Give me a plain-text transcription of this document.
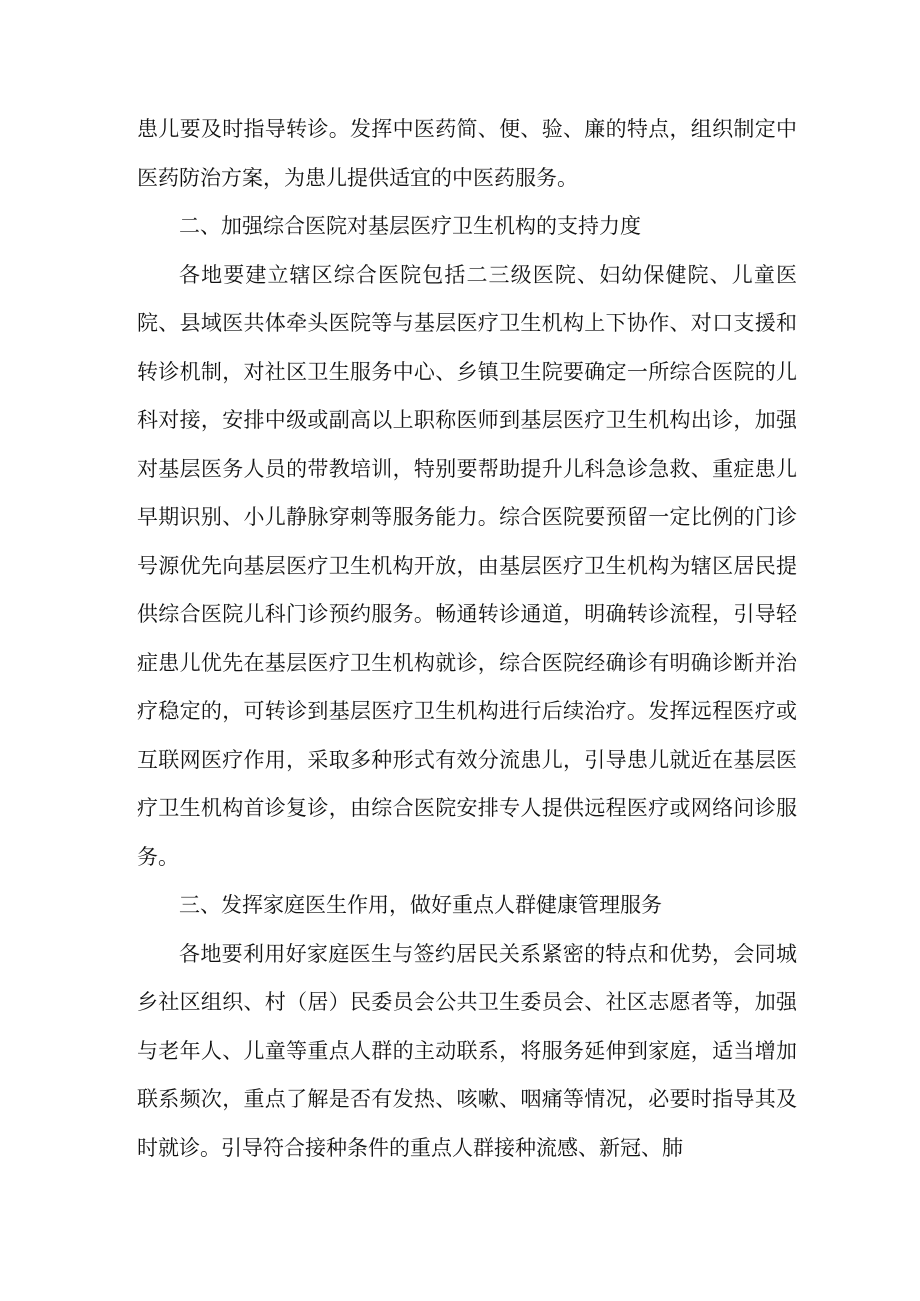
患儿要及时指导转诊。发挥中医药简、便、验、廉的特点，组织制定中医药防治方案，为患儿提供适宜的中医药服务。

二、加强综合医院对基层医疗卫生机构的支持力度

各地要建立辖区综合医院包括二三级医院、妇幼保健院、儿童医院、县域医共体牵头医院等与基层医疗卫生机构上下协作、对口支援和转诊机制，对社区卫生服务中心、乡镇卫生院要确定一所综合医院的儿科对接，安排中级或副高以上职称医师到基层医疗卫生机构出诊，加强对基层医务人员的带教培训，特别要帮助提升儿科急诊急救、重症患儿早期识别、小儿静脉穿刺等服务能力。综合医院要预留一定比例的门诊号源优先向基层医疗卫生机构开放，由基层医疗卫生机构为辖区居民提供综合医院儿科门诊预约服务。畅通转诊通道，明确转诊流程，引导轻症患儿优先在基层医疗卫生机构就诊，综合医院经确诊有明确诊断并治疗稳定的，可转诊到基层医疗卫生机构进行后续治疗。发挥远程医疗或互联网医疗作用，采取多种形式有效分流患儿，引导患儿就近在基层医疗卫生机构首诊复诊，由综合医院安排专人提供远程医疗或网络问诊服务。

三、发挥家庭医生作用，做好重点人群健康管理服务

各地要利用好家庭医生与签约居民关系紧密的特点和优势，会同城乡社区组织、村（居）民委员会公共卫生委员会、社区志愿者等，加强与老年人、儿童等重点人群的主动联系，将服务延伸到家庭，适当增加联系频次，重点了解是否有发热、咳嗽、咽痛等情况，必要时指导其及时就诊。引导符合接种条件的重点人群接种流感、新冠、肺
